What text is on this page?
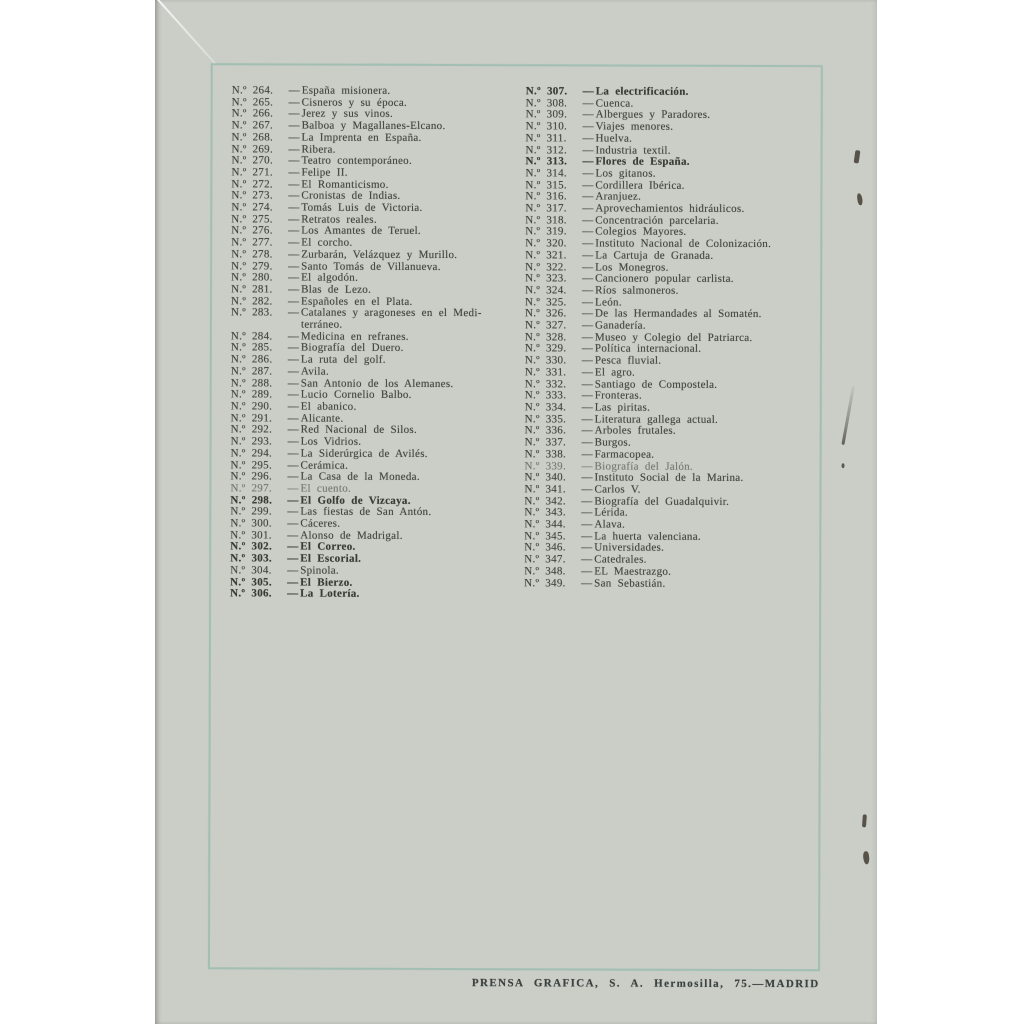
N.º 264.	— España misionera.
N.º 265.	— Cisneros y su época.
N.º 266.	— Jerez y sus vinos.
N.º 267.	— Balboa y Magallanes-Elcano.
N.º 268.	— La Imprenta en España.
N.º 269.	— Ribera.
N.º 270.	— Teatro contemporáneo.
N.º 271.	— Felipe II.
N.º 272.	— El Romanticismo.
N.º 273.	— Cronistas de Indias.
N.º 274.	— Tomás Luis de Victoria.
N.º 275.	— Retratos reales.
N.º 276.	— Los Amantes de Teruel.
N.º 277.	— El corcho.
N.º 278.	— Zurbarán, Velázquez y Murillo.
N.º 279.	— Santo Tomás de Villanueva.
N.º 280.	— El algodón.
N.º 281.	— Blas de Lezo.
N.º 282.	— Españoles en el Plata.
N.º 283.	— Catalanes y aragoneses en el Medi-
terráneo.
N.º 284.	— Medicina en refranes.
N.º 285.	— Biografía del Duero.
N.º 286.	— La ruta del golf.
N.º 287.	— Avila.
N.º 288.	— San Antonio de los Alemanes.
N.º 289.	— Lucio Cornelio Balbo.
N.º 290.	— El abanico.
N.º 291.	— Alicante.
N.º 292.	— Red Nacional de Silos.
N.º 293.	— Los Vidrios.
N.º 294.	— La Siderúrgica de Avilés.
N.º 295.	— Cerámica.
N.º 296.	— La Casa de la Moneda.
N.º 297.	— El cuento.
N.º 298.	— El Golfo de Vizcaya.
N.º 299.	— Las fiestas de San Antón.
N.º 300.	— Cáceres.
N.º 301.	— Alonso de Madrigal.
N.º 302.	— El Correo.
N.º 303.	— El Escorial.
N.º 304.	— Spinola.
N.º 305.	— El Bierzo.
N.º 306.	— La Lotería.
N.º 307.	— La electrificación.
N.º 308.	— Cuenca.
N.º 309.	— Albergues y Paradores.
N.º 310.	— Viajes menores.
N.º 311.	— Huelva.
N.º 312.	— Industria textil.
N.º 313.	— Flores de España.
N.º 314.	— Los gitanos.
N.º 315.	— Cordillera Ibérica.
N.º 316.	— Aranjuez.
N.º 317.	— Aprovechamientos hidráulicos.
N.º 318.	— Concentración parcelaria.
N.º 319.	— Colegios Mayores.
N.º 320.	— Instituto Nacional de Colonización.
N.º 321.	— La Cartuja de Granada.
N.º 322.	— Los Monegros.
N.º 323.	— Cancionero popular carlista.
N.º 324.	— Ríos salmoneros.
N.º 325.	— León.
N.º 326.	— De las Hermandades al Somatén.
N.º 327.	— Ganadería.
N.º 328.	— Museo y Colegio del Patriarca.
N.º 329.	— Política internacional.
N.º 330.	— Pesca fluvial.
N.º 331.	— El agro.
N.º 332.	— Santiago de Compostela.
N.º 333.	— Fronteras.
N.º 334.	— Las piritas.
N.º 335.	— Literatura gallega actual.
N.º 336.	— Arboles frutales.
N.º 337.	— Burgos.
N.º 338.	— Farmacopea.
N.º 339.	— Biografía del Jalón.
N.º 340.	— Instituto Social de la Marina.
N.º 341.	— Carlos V.
N.º 342.	— Biografía del Guadalquivir.
N.º 343.	— Lérida.
N.º 344.	— Alava.
N.º 345.	— La huerta valenciana.
N.º 346.	— Universidades.
N.º 347.	— Catedrales.
N.º 348.	— EL Maestrazgo.
N.º 349.	— San Sebastián.
PRENSA GRAFICA, S. A. Hermosilla, 75.—MADRID
